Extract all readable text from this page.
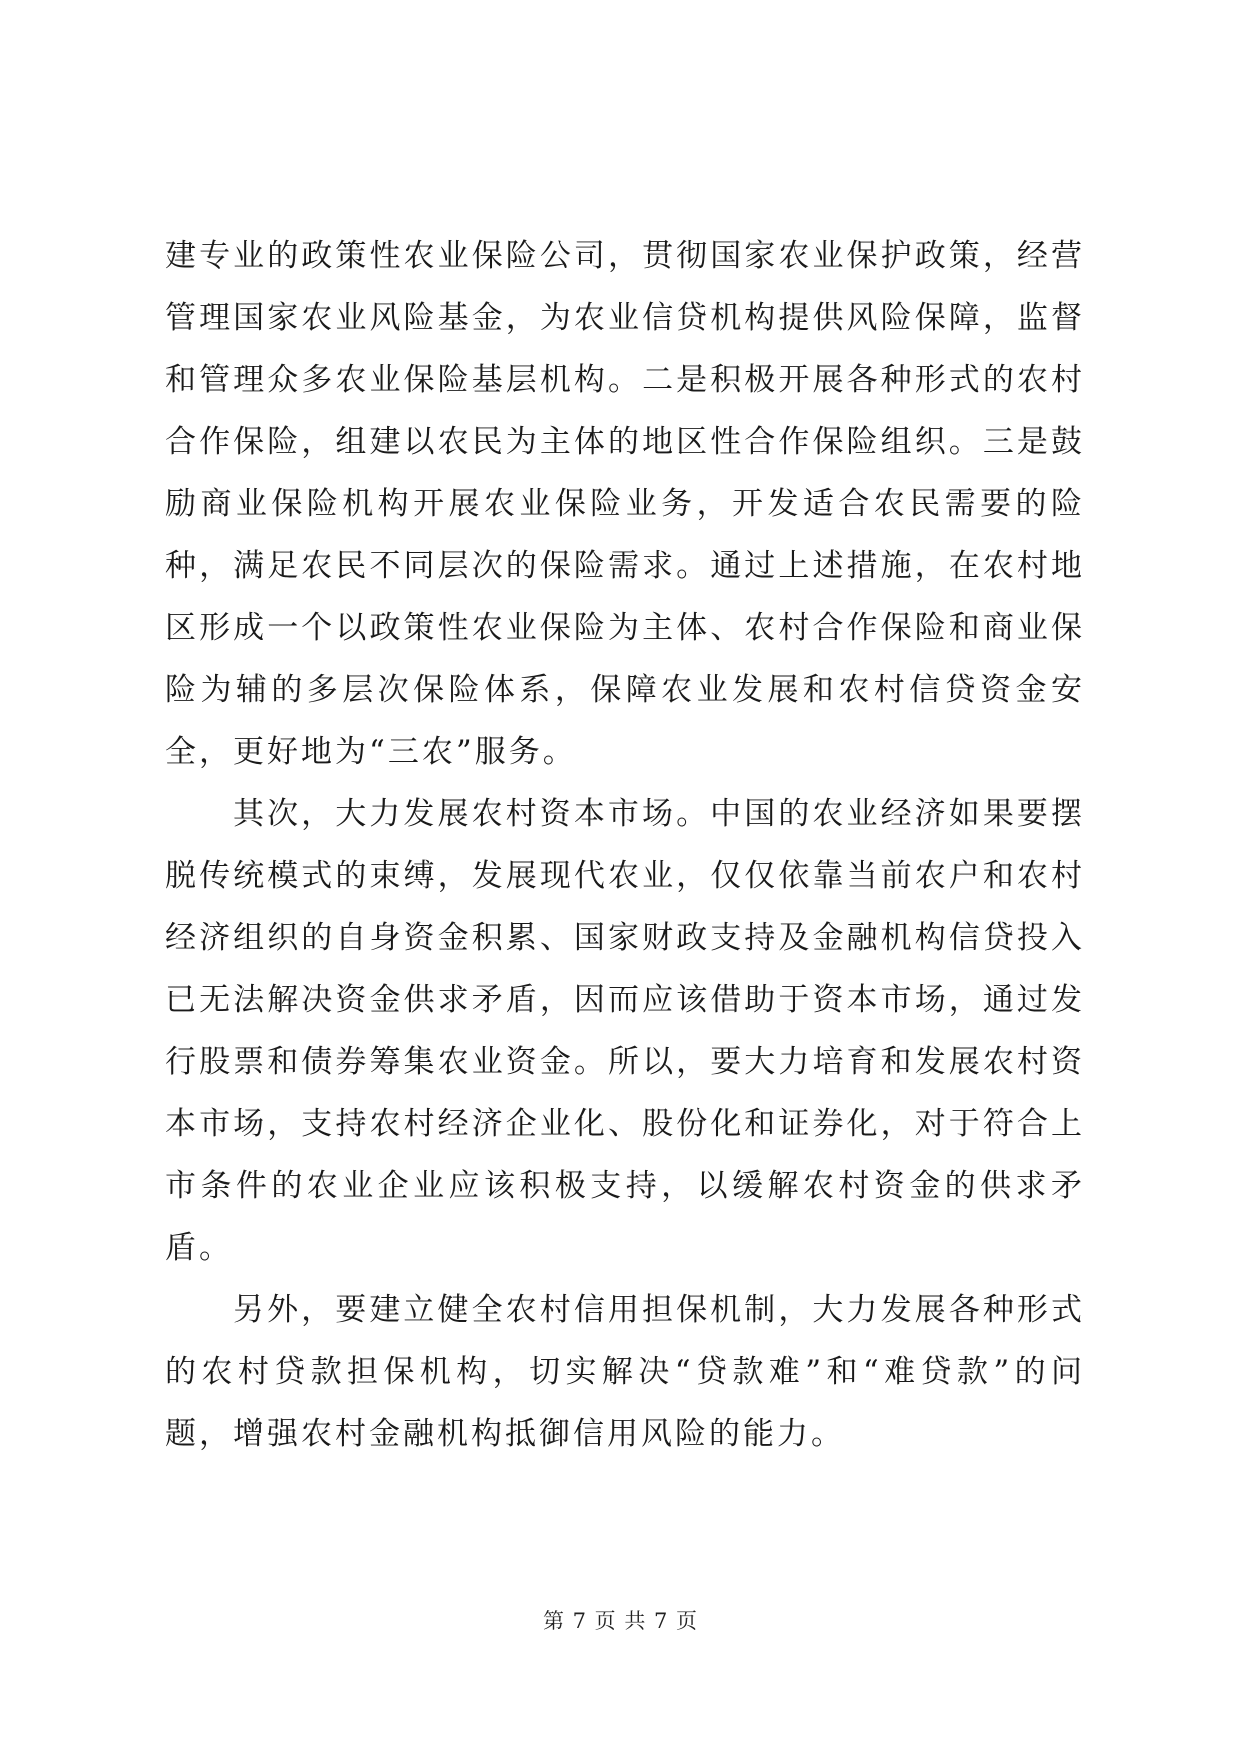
建专业的政策性农业保险公司，贯彻国家农业保护政策，经营管理国家农业风险基金，为农业信贷机构提供风险保障，监督和管理众多农业保险基层机构。二是积极开展各种形式的农村合作保险，组建以农民为主体的地区性合作保险组织。三是鼓励商业保险机构开展农业保险业务，开发适合农民需要的险种，满足农民不同层次的保险需求。通过上述措施，在农村地区形成一个以政策性农业保险为主体、农村合作保险和商业保险为辅的多层次保险体系，保障农业发展和农村信贷资金安全，更好地为“三农”服务。

其次，大力发展农村资本市场。中国的农业经济如果要摆脱传统模式的束缚，发展现代农业，仅仅依靠当前农户和农村经济组织的自身资金积累、国家财政支持及金融机构信贷投入已无法解决资金供求矛盾，因而应该借助于资本市场，通过发行股票和债券筹集农业资金。所以，要大力培育和发展农村资本市场，支持农村经济企业化、股份化和证券化，对于符合上市条件的农业企业应该积极支持，以缓解农村资金的供求矛盾。

另外，要建立健全农村信用担保机制，大力发展各种形式的农村贷款担保机构，切实解决“贷款难”和“难贷款”的问题，增强农村金融机构抵御信用风险的能力。

第 7 页 共 7 页
